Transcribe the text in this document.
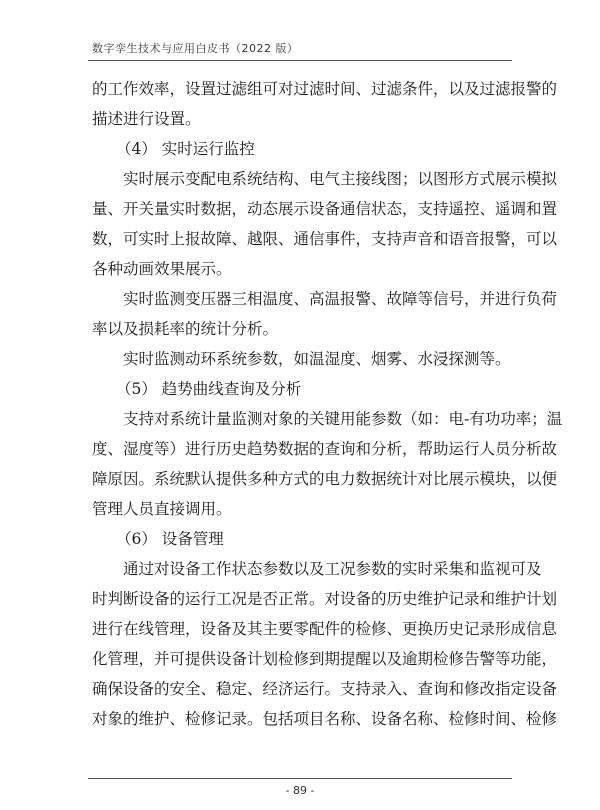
数字孪生技术与应用白皮书（2022 版）
的工作效率，设置过滤组可对过滤时间、过滤条件，以及过滤报警的
描述进行设置。
（4） 实时运行监控
实时展示变配电系统结构、电气主接线图；以图形方式展示模拟
量、开关量实时数据，动态展示设备通信状态，支持遥控、遥调和置
数，可实时上报故障、越限、通信事件，支持声音和语音报警，可以
各种动画效果展示。
实时监测变压器三相温度、高温报警、故障等信号，并进行负荷
率以及损耗率的统计分析。
实时监测动环系统参数，如温湿度、烟雾、水浸探测等。
（5） 趋势曲线查询及分析
支持对系统计量监测对象的关键用能参数（如：电-有功功率；温
度、湿度等）进行历史趋势数据的查询和分析，帮助运行人员分析故
障原因。系统默认提供多种方式的电力数据统计对比展示模块，以便
管理人员直接调用。
（6） 设备管理
通过对设备工作状态参数以及工况参数的实时采集和监视可及
时判断设备的运行工况是否正常。对设备的历史维护记录和维护计划
进行在线管理，设备及其主要零配件的检修、更换历史记录形成信息
化管理，并可提供设备计划检修到期提醒以及逾期检修告警等功能，
确保设备的安全、稳定、经济运行。支持录入、查询和修改指定设备
对象的维护、检修记录。包括项目名称、设备名称、检修时间、检修
- 89 -
